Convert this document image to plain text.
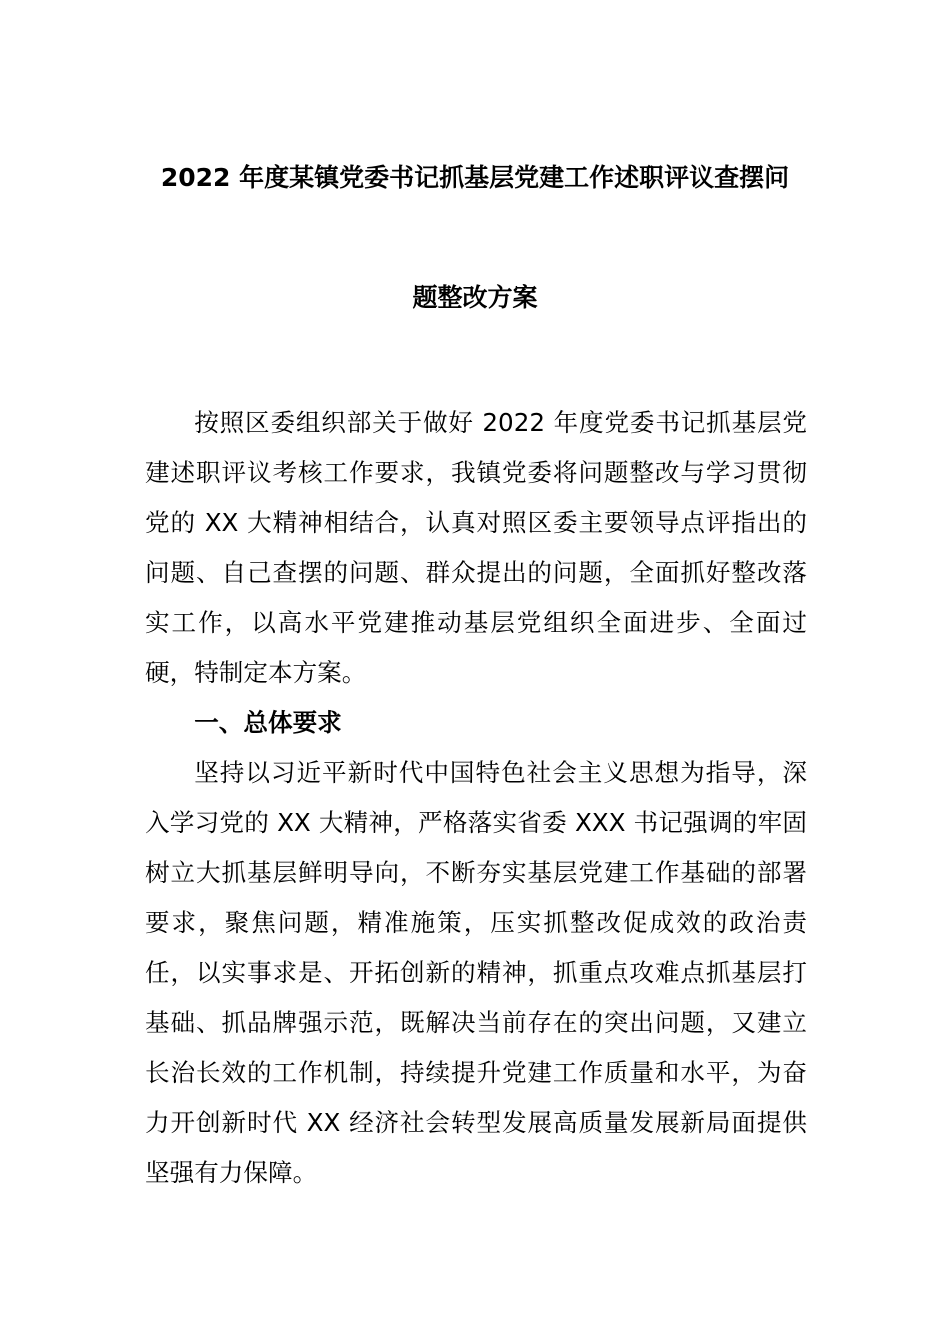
2022 年度某镇党委书记抓基层党建工作述职评议查摆问
题整改方案

按照区委组织部关于做好 2022 年度党委书记抓基层党建述职评议考核工作要求，我镇党委将问题整改与学习贯彻党的 XX 大精神相结合，认真对照区委主要领导点评指出的问题、自己查摆的问题、群众提出的问题，全面抓好整改落实工作，以高水平党建推动基层党组织全面进步、全面过硬，特制定本方案。

一、总体要求

坚持以习近平新时代中国特色社会主义思想为指导，深入学习党的 XX 大精神，严格落实省委 XXX 书记强调的牢固树立大抓基层鲜明导向，不断夯实基层党建工作基础的部署要求，聚焦问题，精准施策，压实抓整改促成效的政治责任，以实事求是、开拓创新的精神，抓重点攻难点抓基层打基础、抓品牌强示范，既解决当前存在的突出问题，又建立长治长效的工作机制，持续提升党建工作质量和水平，为奋力开创新时代 XX 经济社会转型发展高质量发展新局面提供坚强有力保障。
